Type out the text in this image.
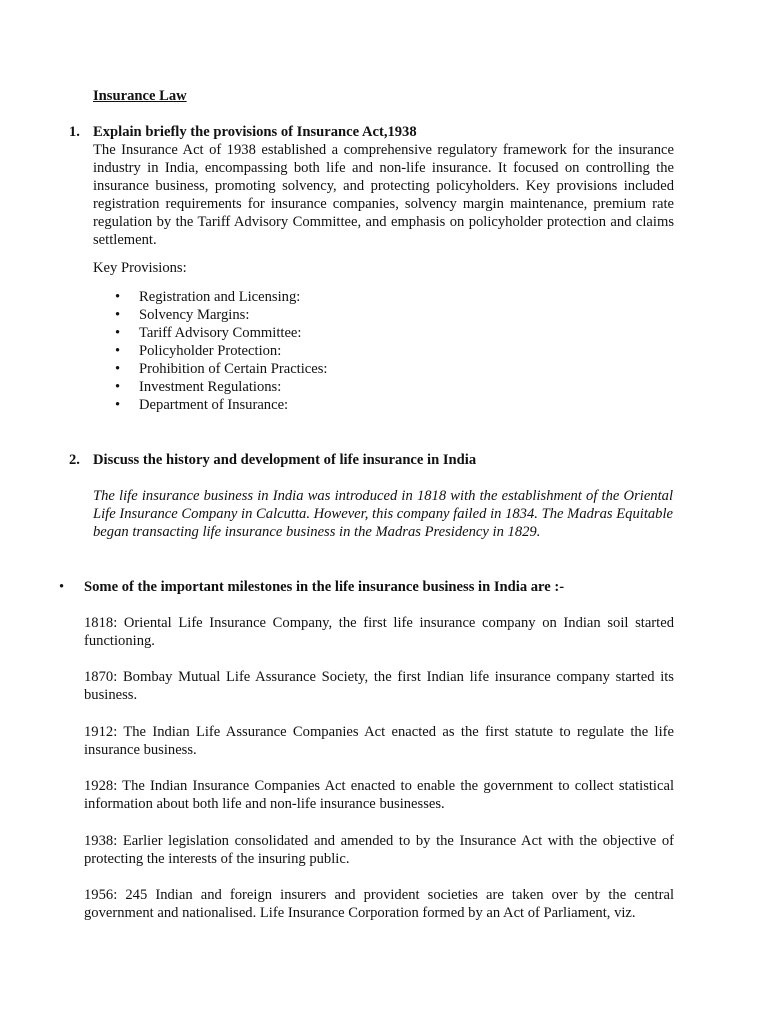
Insurance Law
1. Explain briefly the provisions of Insurance Act,1938
The Insurance Act of 1938 established a comprehensive regulatory framework for the insurance industry in India, encompassing both life and non-life insurance. It focused on controlling the insurance business, promoting solvency, and protecting policyholders. Key provisions included registration requirements for insurance companies, solvency margin maintenance, premium rate regulation by the Tariff Advisory Committee, and emphasis on policyholder protection and claims settlement.
Key Provisions:
• Registration and Licensing:
• Solvency Margins:
• Tariff Advisory Committee:
• Policyholder Protection:
• Prohibition of Certain Practices:
• Investment Regulations:
• Department of Insurance:
2. Discuss the history and development of life insurance in India
The life insurance business in India was introduced in 1818 with the establishment of the Oriental Life Insurance Company in Calcutta. However, this company failed in 1834. The Madras Equitable began transacting life insurance business in the Madras Presidency in 1829.
• Some of the important milestones in the life insurance business in India are :-
1818: Oriental Life Insurance Company, the first life insurance company on Indian soil started functioning.
1870: Bombay Mutual Life Assurance Society, the first Indian life insurance company started its business.
1912: The Indian Life Assurance Companies Act enacted as the first statute to regulate the life insurance business.
1928: The Indian Insurance Companies Act enacted to enable the government to collect statistical information about both life and non-life insurance businesses.
1938: Earlier legislation consolidated and amended to by the Insurance Act with the objective of protecting the interests of the insuring public.
1956: 245 Indian and foreign insurers and provident societies are taken over by the central government and nationalised. Life Insurance Corporation formed by an Act of Parliament, viz.
